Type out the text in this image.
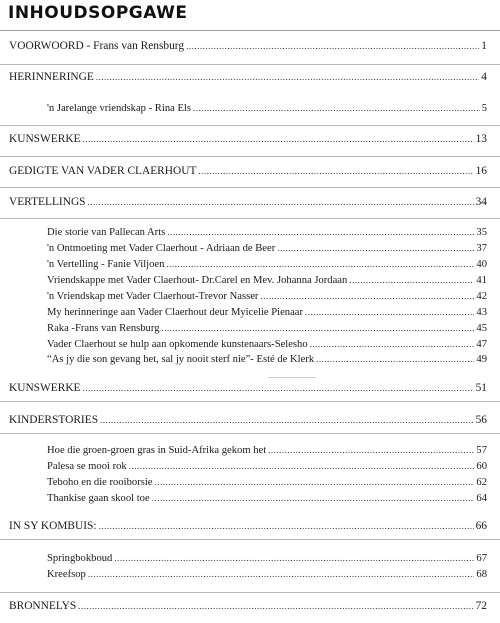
INHOUDSOPGAWE
VOORWOORD - Frans van Rensburg .....	1
HERINNERINGE .....	4
'n Jarelange vriendskap - Rina Els .....	5
KUNSWERKE .....	13
GEDIGTE VAN VADER CLAERHOUT .....	16
VERTELLINGS .....	34
Die storie van Pallecan Arts .....	35
'n Ontmoeting met Vader Claerhout - Adriaan de Beer .....	37
'n Vertelling - Fanie Viljoen .....	40
Vriendskappe met Vader Claerhout- Dr.Carel en Mev. Johanna Jordaan .....	41
'n Vriendskap met Vader Claerhout-Trevor Nasser .....	42
My herinneringe aan Vader Claerhout deur Myicelie Pienaar .....	43
Raka -Frans van Rensburg .....	45
Vader Claerhout se hulp aan opkomende kunstenaars-Selesho .....	47
“As jy die son gevang het, sal jy nooit sterf nie”- Esté de Klerk .....	49
KUNSWERKE .....	51
KINDERSTORIES .....	56
Hoe die groen-groen gras in Suid-Afrika gekom het .....	57
Palesa se mooi rok .....	60
Teboho en die rooiborsie .....	62
Thankise gaan skool toe .....	64
IN SY KOMBUIS: .....	66
Springbokboud .....	67
Kreefsop .....	68
BRONNELYS .....	72
